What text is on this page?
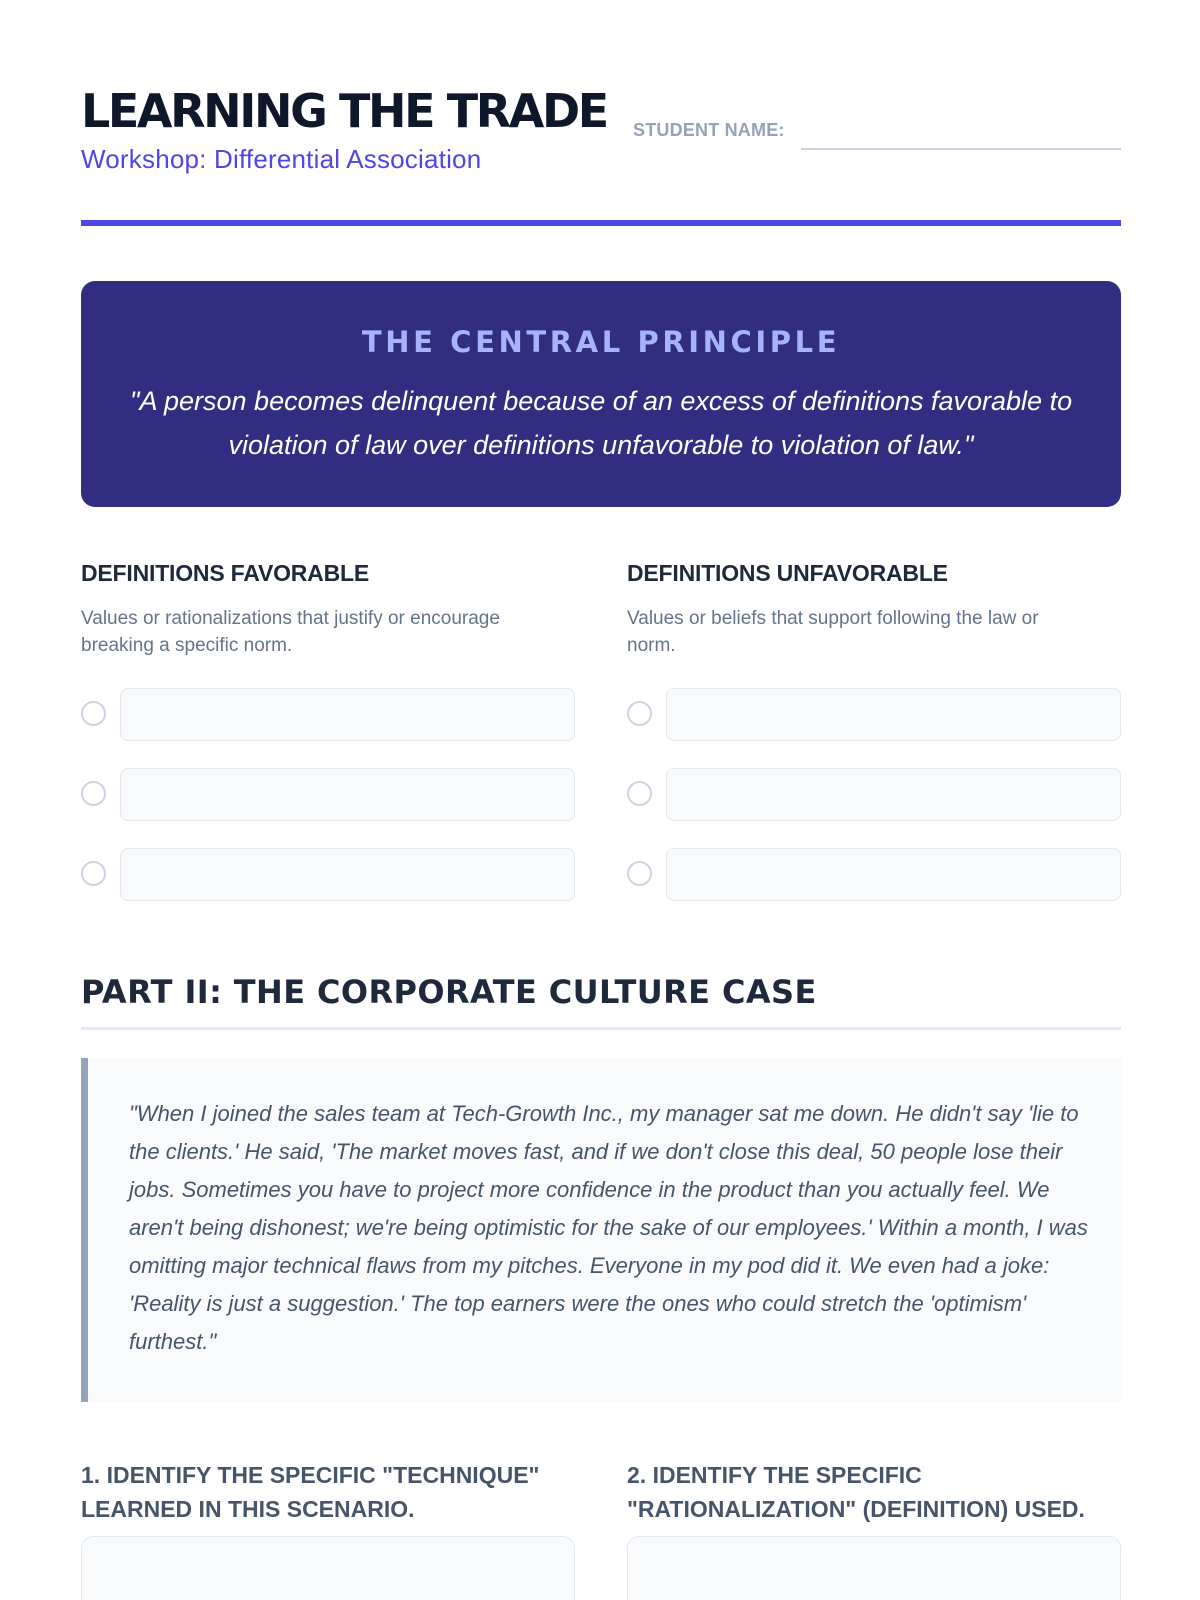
LEARNING THE TRADE
Workshop: Differential Association
STUDENT NAME:
THE CENTRAL PRINCIPLE
"A person becomes delinquent because of an excess of definitions favorable to violation of law over definitions unfavorable to violation of law."
DEFINITIONS FAVORABLE
Values or rationalizations that justify or encourage breaking a specific norm.
DEFINITIONS UNFAVORABLE
Values or beliefs that support following the law or norm.
PART II: THE CORPORATE CULTURE CASE
"When I joined the sales team at Tech-Growth Inc., my manager sat me down. He didn't say 'lie to the clients.' He said, 'The market moves fast, and if we don't close this deal, 50 people lose their jobs. Sometimes you have to project more confidence in the product than you actually feel. We aren't being dishonest; we're being optimistic for the sake of our employees.' Within a month, I was omitting major technical flaws from my pitches. Everyone in my pod did it. We even had a joke: 'Reality is just a suggestion.' The top earners were the ones who could stretch the 'optimism' furthest."
1. IDENTIFY THE SPECIFIC "TECHNIQUE" LEARNED IN THIS SCENARIO.
2. IDENTIFY THE SPECIFIC "RATIONALIZATION" (DEFINITION) USED.
